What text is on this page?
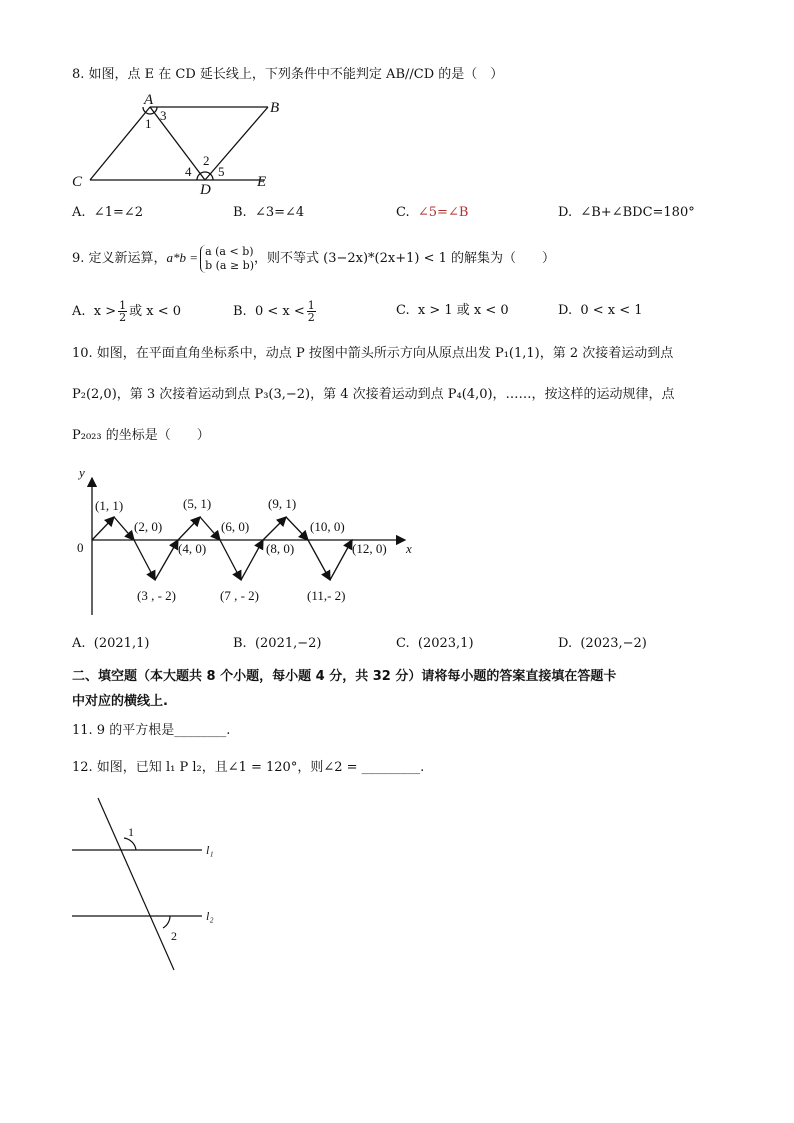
8. 如图，点 E 在 CD 延长线上，下列条件中不能判定 AB//CD 的是（　）
A	B
C	D	E
1
3
2
4 5
A. ∠1=∠2	B. ∠3=∠4	C. ∠5=∠B	D. ∠B+∠BDC=180°
9. 定义新运算，a*b = a (a < b)
b (a ≥ b) ，则不等式 (3−2x)*(2x+1) < 1 的解集为（　　）
A. $x > \frac{1}{2}$ 或 x < 0	B. $0 < x < \frac{1}{2}$	C. x > 1 或 x < 0	D. 0 < x < 1
10. 如图，在平面直角坐标系中，动点 P 按图中箭头所示方向从原点出发 P₁(1,1)，第 2 次接着运动到点
P₂(2,0)，第 3 次接着运动到点 P₃(3,−2)，第 4 次接着运动到点 P₄(4,0)，……，按这样的运动规律，点
P₂₀₂₃ 的坐标是（　　）
y
x
0
(1, 1)
(2, 0)
(3 , - 2)
(4, 0)
(5, 1)
(6, 0)
(7 , - 2)
(8, 0)
(9, 1)
(10, 0)
(11,- 2)
(12, 0)
A. (2021,1)	B. (2021,−2)	C. (2023,1)	D. (2023,−2)
二、填空题（本大题共 8 个小题，每小题 4 分，共 32 分）请将每小题的答案直接填在答题卡
中对应的横线上.
11. 9 的平方根是________.
12. 如图，已知 l₁ P l₂，且∠1 = 120°，则∠2 = _________.
1
2
l₁
l₂
